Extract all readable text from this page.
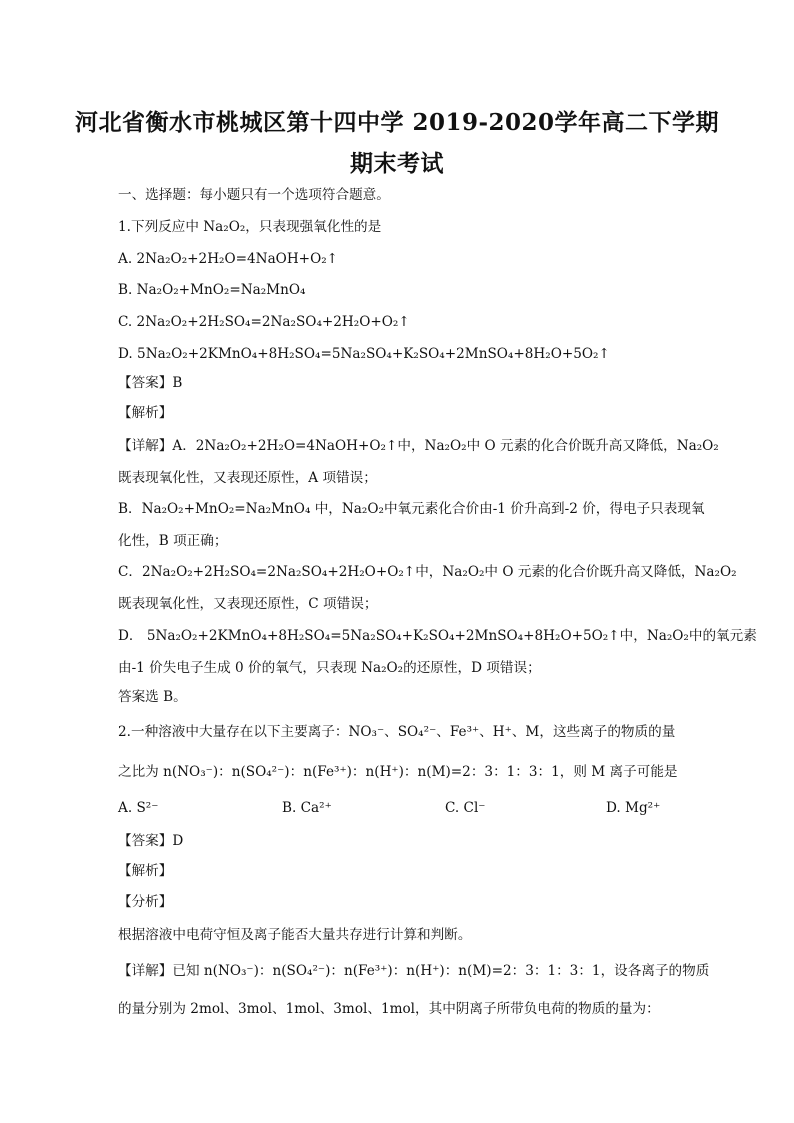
河北省衡水市桃城区第十四中学 2019-2020学年高二下学期
期末考试
一、选择题：每小题只有一个选项符合题意。
1.下列反应中 Na₂O₂，只表现强氧化性的是
A. 2Na₂O₂+2H₂O=4NaOH+O₂↑
B. Na₂O₂+MnO₂=Na₂MnO₄
C. 2Na₂O₂+2H₂SO₄=2Na₂SO₄+2H₂O+O₂↑
D. 5Na₂O₂+2KMnO₄+8H₂SO₄=5Na₂SO₄+K₂SO₄+2MnSO₄+8H₂O+5O₂↑
【答案】B
【解析】
【详解】A．2Na₂O₂+2H₂O=4NaOH+O₂↑中，Na₂O₂中 O 元素的化合价既升高又降低，Na₂O₂
既表现氧化性，又表现还原性，A 项错误；
B．Na₂O₂+MnO₂=Na₂MnO₄ 中，Na₂O₂中氧元素化合价由-1 价升高到-2 价，得电子只表现氧
化性，B 项正确；
C．2Na₂O₂+2H₂SO₄=2Na₂SO₄+2H₂O+O₂↑中，Na₂O₂中 O 元素的化合价既升高又降低，Na₂O₂
既表现氧化性，又表现还原性，C 项错误；
D． 5Na₂O₂+2KMnO₄+8H₂SO₄=5Na₂SO₄+K₂SO₄+2MnSO₄+8H₂O+5O₂↑中，Na₂O₂中的氧元素
由-1 价失电子生成 0 价的氧气，只表现 Na₂O₂的还原性，D 项错误；
答案选 B。
2.一种溶液中大量存在以下主要离子：NO₃⁻、SO₄²⁻、Fe³⁺、H⁺、M，这些离子的物质的量
之比为 n(NO₃⁻)：n(SO₄²⁻)：n(Fe³⁺)：n(H⁺)：n(M)=2：3：1：3：1，则 M 离子可能是
A. S²⁻	B. Ca²⁺	C. Cl⁻	D. Mg²⁺
【答案】D
【解析】
【分析】
根据溶液中电荷守恒及离子能否大量共存进行计算和判断。
【详解】已知 n(NO₃⁻)：n(SO₄²⁻)：n(Fe³⁺)：n(H⁺)：n(M)=2：3：1：3：1，设各离子的物质
的量分别为 2mol、3mol、1mol、3mol、1mol，其中阴离子所带负电荷的物质的量为：
